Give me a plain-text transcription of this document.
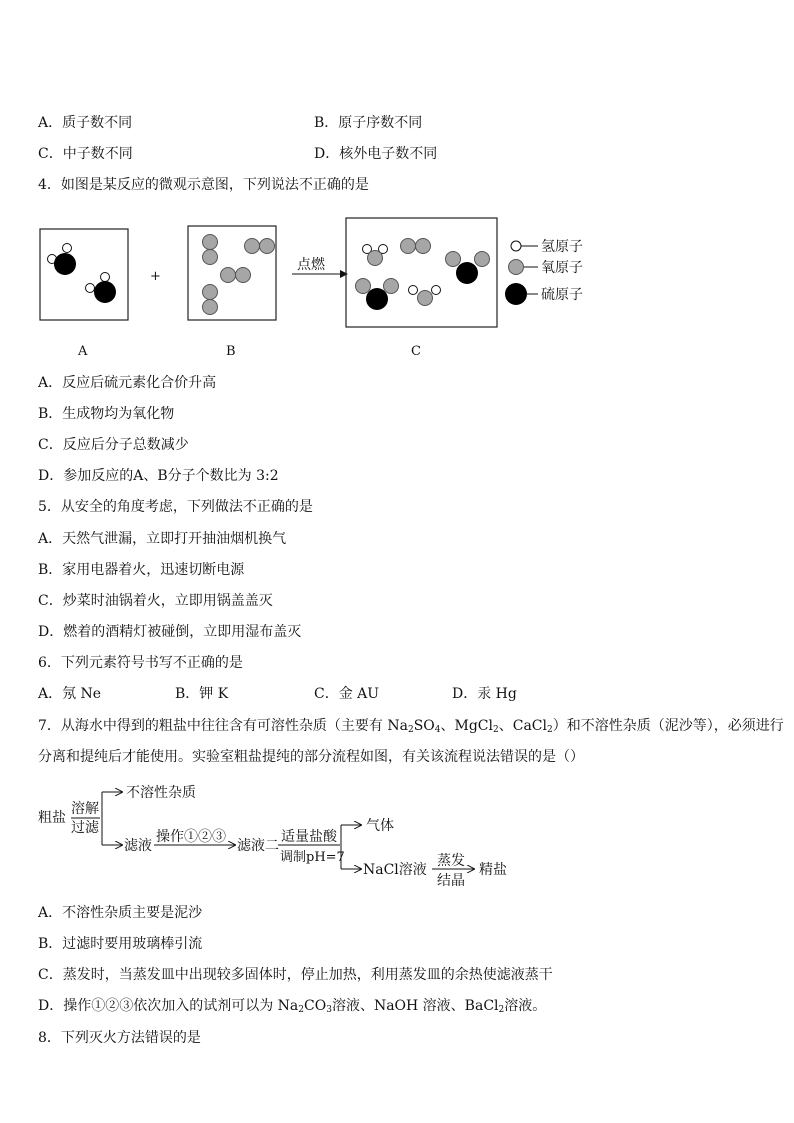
A．质子数不同	B．原子序数不同
C．中子数不同	D．核外电子数不同
4．如图是某反应的微观示意图，下列说法不正确的是
+
点燃
氢原子
氧原子
硫原子
A	B	C
A．反应后硫元素化合价升高
B．生成物均为氧化物
C．反应后分子总数减少
D．参加反应的A、B分子个数比为 3:2
5．从安全的角度考虑，下列做法不正确的是
A．天然气泄漏，立即打开抽油烟机换气
B．家用电器着火，迅速切断电源
C．炒菜时油锅着火，立即用锅盖盖灭
D．燃着的酒精灯被碰倒，立即用湿布盖灭
6．下列元素符号书写不正确的是
A．氖 Ne	B．钾 K	C．金 AU	D．汞 Hg
7．从海水中得到的粗盐中往往含有可溶性杂质（主要有 $Na_2SO_4$、MgCl$_2$、CaCl$_2$）和不溶性杂质（泥沙等），必须进行
分离和提纯后才能使用。实验室粗盐提纯的部分流程如图，有关该流程说法错误的是（）
粗盐
溶解
过滤
不溶性杂质
滤液
操作①②③
滤液二
适量盐酸
调制pH=7
气体
NaCl溶液
蒸发
结晶
精盐
A．不溶性杂质主要是泥沙
B．过滤时要用玻璃棒引流
C．蒸发时，当蒸发皿中出现较多固体时，停止加热，利用蒸发皿的余热使滤液蒸干
D．操作①②③依次加入的试剂可以为 $Na_2CO_3$溶液、NaOH 溶液、BaCl$_2$溶液。
8．下列灭火方法错误的是
